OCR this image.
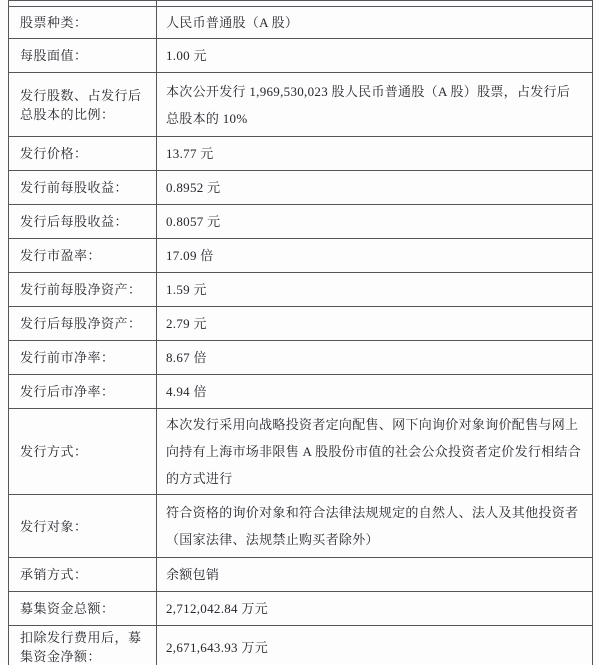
股票种类：	人民币普通股（A 股）
每股面值：	1.00 元
发行股数、占发行后总股本的比例：	本次公开发行 1,969,530,023 股人民币普通股（A 股）股票，占发行后总股本的 10%
发行价格：	13.77 元
发行前每股收益：	0.8952 元
发行后每股收益：	0.8057 元
发行市盈率：	17.09 倍
发行前每股净资产：	1.59 元
发行后每股净资产：	2.79 元
发行前市净率：	8.67 倍
发行后市净率：	4.94 倍
发行方式：	本次发行采用向战略投资者定向配售、网下向询价对象询价配售与网上向持有上海市场非限售 A 股股份市值的社会公众投资者定价发行相结合的方式进行
发行对象：	符合资格的询价对象和符合法律法规规定的自然人、法人及其他投资者（国家法律、法规禁止购买者除外）
承销方式：	余额包销
募集资金总额：	2,712,042.84 万元
扣除发行费用后，募集资金净额：	2,671,643.93 万元
